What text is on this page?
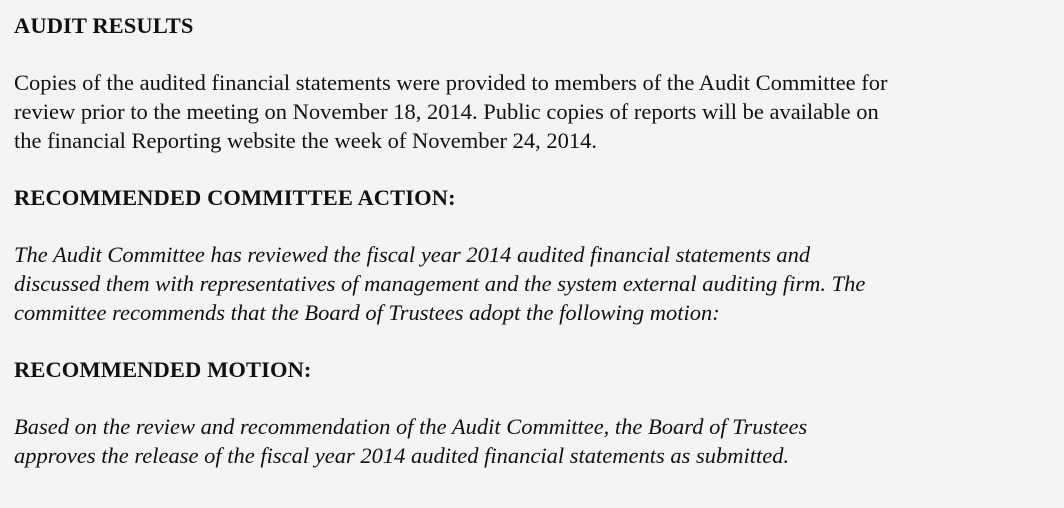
AUDIT RESULTS

Copies of the audited financial statements were provided to members of the Audit Committee for
review prior to the meeting on November 18, 2014. Public copies of reports will be available on
the financial Reporting website the week of November 24, 2014.

RECOMMENDED COMMITTEE ACTION:

The Audit Committee has reviewed the fiscal year 2014 audited financial statements and
discussed them with representatives of management and the system external auditing firm. The
committee recommends that the Board of Trustees adopt the following motion:

RECOMMENDED MOTION:

Based on the review and recommendation of the Audit Committee, the Board of Trustees
approves the release of the fiscal year 2014 audited financial statements as submitted.
